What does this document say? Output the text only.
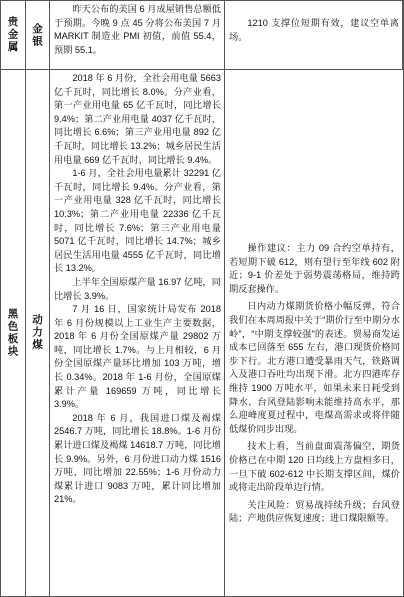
贵金属 金银

昨天公布的美国 6 月成屋销售总额低于预期。今晚 9 点 45 分将公布美国 7 月 MARKIT 制造业 PMI 初值，前值 55.4，预期 55.1。

1210 支撑位短期有效，建议空单离场。

黑色板块 动力煤

2018 年 6 月份，全社会用电量 5663 亿千瓦时，同比增长 8.0%。分产业看，第一产业用电量 65 亿千瓦时，同比增长 9.4%；第二产业用电量 4037 亿千瓦时，同比增长 6.6%；第三产业用电量 892 亿千瓦时，同比增长 13.2%；城乡居民生活用电量 669 亿千瓦时，同比增长 9.4%。

1-6 月，全社会用电量累计 32291 亿千瓦时，同比增长 9.4%。分产业看，第一产业用电量 328 亿千瓦时，同比增长 10.3%；第二产业用电量 22336 亿千瓦时，同比增长 7.6%；第三产业用电量 5071 亿千瓦时，同比增长 14.7%；城乡居民生活用电量 4555 亿千瓦时，同比增长 13.2%。

上半年全国原煤产量 16.97 亿吨，同比增长 3.9%。

7 月 16 日，国家统计局发布 2018 年 6 月份规模以上工业生产主要数据，2018 年 6 月份全国原煤产量 29802 万吨，同比增长 1.7%。与上月相较，6 月份全国原煤产量环比增加 103 万吨，增长 0.34%。2018 年 1-6 月份，全国原煤累计产量 169659 万吨，同比增长 3.9%。

2018 年 6 月，我国进口煤及褐煤 2546.7 万吨，同比增长 18.8%。1-6 月份累计进口煤及褐煤 14618.7 万吨，同比增长 9.9%。另外，6 月份进口动力煤 1516 万吨，同比增加 22.55%；1-6 月份动力煤累计进口 9083 万吨，累计同比增加 21%。

操作建议：主力 09 合约空单持有，若短期下破 612，则有望行至年线 602 附近；9-1 价差处于弱势震荡格局，维持跨期反套操作。

日内动力煤期货价格小幅反弹，符合我们在本周周报中关于“期价行至中期分水岭”，“中期支撑较强”的表述。贸易商发运成本已回落至 655 左右，港口现货价格同步下行。北方港口遭受暴雨天气，铁路调入及港口吞吐均出现下滑。北方四港库存维持 1900 万吨水平，如果未来日耗受到降水、台风登陆影响未能维持高水平，那么迎峰度夏过程中，电煤高需求或将伴随低煤价同步出现。

技术上看，当前盘面震荡偏空，期货价格已在中期 120 日均线上方盘桓多日，一旦下破 602-612 中长期支撑区间，煤价或将走出阶段单边行情。

关注风险：贸易战持续升级；台风登陆；产地供应恢复速度；进口煤限额等。
